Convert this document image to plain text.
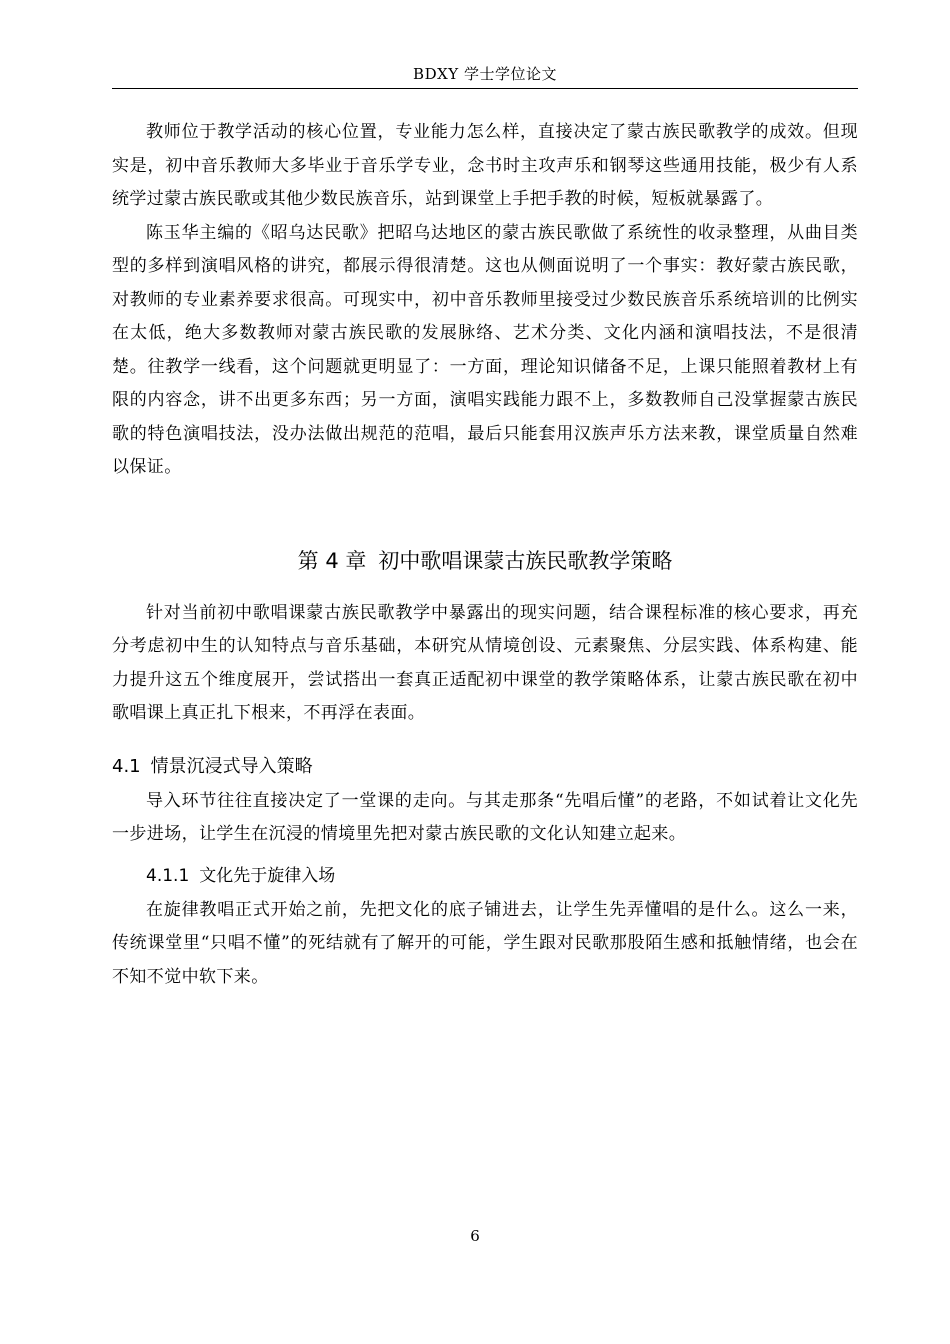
BDXY 学士学位论文

教师位于教学活动的核心位置，专业能力怎么样，直接决定了蒙古族民歌教学的成效。但现实是，初中音乐教师大多毕业于音乐学专业，念书时主攻声乐和钢琴这些通用技能，极少有人系统学过蒙古族民歌或其他少数民族音乐，站到课堂上手把手教的时候，短板就暴露了。

陈玉华主编的《昭乌达民歌》把昭乌达地区的蒙古族民歌做了系统性的收录整理，从曲目类型的多样到演唱风格的讲究，都展示得很清楚。这也从侧面说明了一个事实：教好蒙古族民歌，对教师的专业素养要求很高。可现实中，初中音乐教师里接受过少数民族音乐系统培训的比例实在太低，绝大多数教师对蒙古族民歌的发展脉络、艺术分类、文化内涵和演唱技法，不是很清楚。往教学一线看，这个问题就更明显了：一方面，理论知识储备不足，上课只能照着教材上有限的内容念，讲不出更多东西；另一方面，演唱实践能力跟不上，多数教师自己没掌握蒙古族民歌的特色演唱技法，没办法做出规范的范唱，最后只能套用汉族声乐方法来教，课堂质量自然难以保证。

第 4 章 初中歌唱课蒙古族民歌教学策略

针对当前初中歌唱课蒙古族民歌教学中暴露出的现实问题，结合课程标准的核心要求，再充分考虑初中生的认知特点与音乐基础，本研究从情境创设、元素聚焦、分层实践、体系构建、能力提升这五个维度展开，尝试搭出一套真正适配初中课堂的教学策略体系，让蒙古族民歌在初中歌唱课上真正扎下根来，不再浮在表面。

4.1 情景沉浸式导入策略

导入环节往往直接决定了一堂课的走向。与其走那条“先唱后懂”的老路，不如试着让文化先一步进场，让学生在沉浸的情境里先把对蒙古族民歌的文化认知建立起来。

4.1.1 文化先于旋律入场

在旋律教唱正式开始之前，先把文化的底子铺进去，让学生先弄懂唱的是什么。这么一来，传统课堂里“只唱不懂”的死结就有了解开的可能，学生跟对民歌那股陌生感和抵触情绪，也会在不知不觉中软下来。

6
